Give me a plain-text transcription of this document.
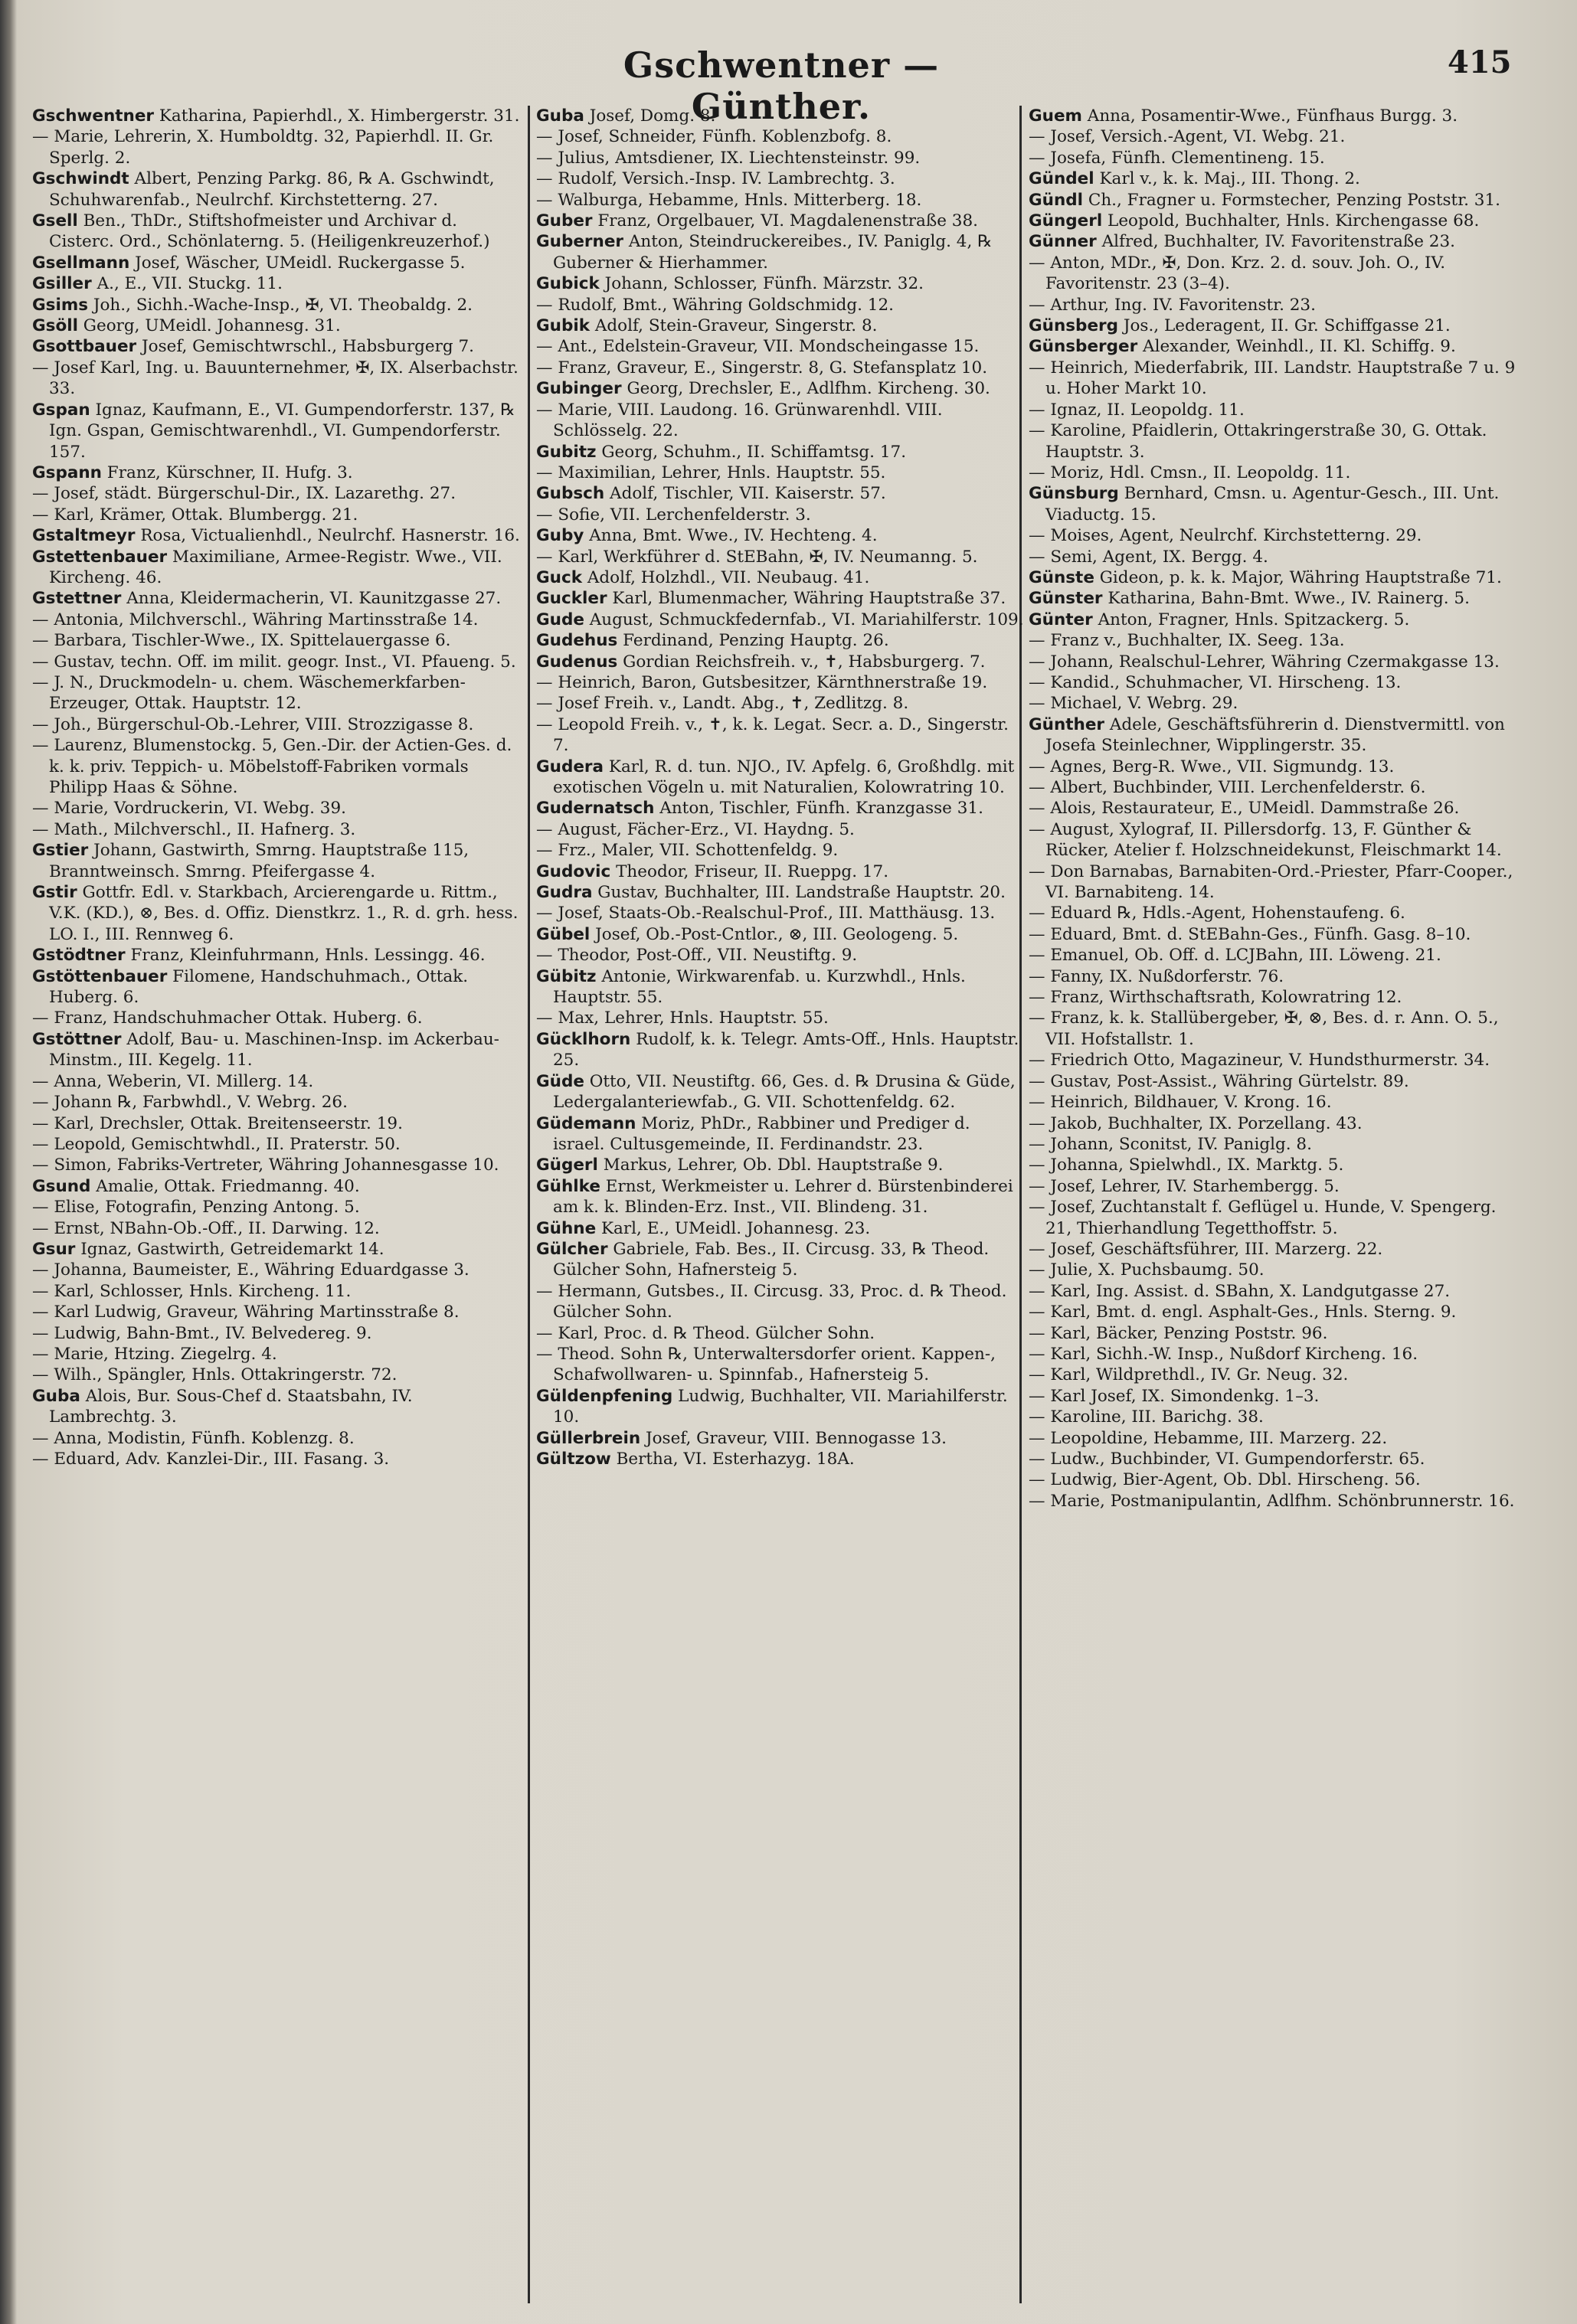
Gschwentner — Günther.
415
Gschwentner Katharina, Papierhdl., X. Himbergerstr. 31.
— Marie, Lehrerin, X. Humboldtg. 32, Papierhdl. II. Gr. Sperlg. 2.
Gschwindt Albert, Penzing Parkg. 86, ℞ A. Gschwindt, Schuhwarenfab., Neulrchf. Kirchstetterng. 27.
Gsell Ben., ThDr., Stiftshofmeister und Archivar d. Cisterc. Ord., Schönlaterng. 5. (Heiligenkreuzerhof.)
Gsellmann Josef, Wäscher, UMeidl. Ruckergasse 5.
Gsiller A., E., VII. Stuckg. 11.
Gsims Joh., Sichh.-Wache-Insp., ✠, VI. Theobaldg. 2.
Gsöll Georg, UMeidl. Johannesg. 31.
Gsottbauer Josef, Gemischtwrschl., Habsburgerg 7.
— Josef Karl, Ing. u. Bauunternehmer, ✠, IX. Alserbachstr. 33.
Gspan Ignaz, Kaufmann, E., VI. Gumpendorferstr. 137, ℞ Ign. Gspan, Gemischtwarenhdl., VI. Gumpendorferstr. 157.
Gspann Franz, Kürschner, II. Hufg. 3.
— Josef, städt. Bürgerschul-Dir., IX. Lazarethg. 27.
— Karl, Krämer, Ottak. Blumbergg. 21.
Gstaltmeyr Rosa, Victualienhdl., Neulrchf. Hasnerstr. 16.
Gstettenbauer Maximiliane, Armee-Registr. Wwe., VII. Kircheng. 46.
Gstettner Anna, Kleidermacherin, VI. Kaunitzgasse 27.
— Antonia, Milchverschl., Währing Martinsstraße 14.
— Barbara, Tischler-Wwe., IX. Spittelauergasse 6.
— Gustav, techn. Off. im milit. geogr. Inst., VI. Pfaueng. 5.
— J. N., Druckmodeln- u. chem. Wäschemerkfarben-Erzeuger, Ottak. Hauptstr. 12.
— Joh., Bürgerschul-Ob.-Lehrer, VIII. Strozzigasse 8.
— Laurenz, Blumenstockg. 5, Gen.-Dir. der Actien-Ges. d. k. k. priv. Teppich- u. Möbelstoff-Fabriken vormals Philipp Haas & Söhne.
— Marie, Vordruckerin, VI. Webg. 39.
— Math., Milchverschl., II. Hafnerg. 3.
Gstier Johann, Gastwirth, Smrng. Hauptstraße 115, Branntweinsch. Smrng. Pfeifergasse 4.
Gstir Gottfr. Edl. v. Starkbach, Arcierengarde u. Rittm., V.K. (KD.), ⊗, Bes. d. Offiz. Dienstkrz. 1., R. d. grh. hess. LO. I., III. Rennweg 6.
Gstödtner Franz, Kleinfuhrmann, Hnls. Lessingg. 46.
Gstöttenbauer Filomene, Handschuhmach., Ottak. Huberg. 6.
— Franz, Handschuhmacher Ottak. Huberg. 6.
Gstöttner Adolf, Bau- u. Maschinen-Insp. im Ackerbau-Minstm., III. Kegelg. 11.
— Anna, Weberin, VI. Millerg. 14.
— Johann ℞, Farbwhdl., V. Webrg. 26.
— Karl, Drechsler, Ottak. Breitenseerstr. 19.
— Leopold, Gemischtwhdl., II. Praterstr. 50.
— Simon, Fabriks-Vertreter, Währing Johannesgasse 10.
Gsund Amalie, Ottak. Friedmanng. 40.
— Elise, Fotografin, Penzing Antong. 5.
— Ernst, NBahn-Ob.-Off., II. Darwing. 12.
Gsur Ignaz, Gastwirth, Getreidemarkt 14.
— Johanna, Baumeister, E., Währing Eduardgasse 3.
— Karl, Schlosser, Hnls. Kircheng. 11.
— Karl Ludwig, Graveur, Währing Martinsstraße 8.
— Ludwig, Bahn-Bmt., IV. Belvedereg. 9.
— Marie, Htzing. Ziegelrg. 4.
— Wilh., Spängler, Hnls. Ottakringerstr. 72.
Guba Alois, Bur. Sous-Chef d. Staatsbahn, IV. Lambrechtg. 3.
— Anna, Modistin, Fünfh. Koblenzg. 8.
— Eduard, Adv. Kanzlei-Dir., III. Fasang. 3.
Guba Josef, Domg. 8.
— Josef, Schneider, Fünfh. Koblenzbofg. 8.
— Julius, Amtsdiener, IX. Liechtensteinstr. 99.
— Rudolf, Versich.-Insp. IV. Lambrechtg. 3.
— Walburga, Hebamme, Hnls. Mitterberg. 18.
Guber Franz, Orgelbauer, VI. Magdalenenstraße 38.
Guberner Anton, Steindruckereibes., IV. Paniglg. 4, ℞ Guberner & Hierhammer.
Gubick Johann, Schlosser, Fünfh. Märzstr. 32.
— Rudolf, Bmt., Währing Goldschmidg. 12.
Gubik Adolf, Stein-Graveur, Singerstr. 8.
— Ant., Edelstein-Graveur, VII. Mondscheingasse 15.
— Franz, Graveur, E., Singerstr. 8, G. Stefansplatz 10.
Gubinger Georg, Drechsler, E., Adlfhm. Kircheng. 30.
— Marie, VIII. Laudong. 16. Grünwarenhdl. VIII. Schlösselg. 22.
Gubitz Georg, Schuhm., II. Schiffamtsg. 17.
— Maximilian, Lehrer, Hnls. Hauptstr. 55.
Gubsch Adolf, Tischler, VII. Kaiserstr. 57.
— Sofie, VII. Lerchenfelderstr. 3.
Guby Anna, Bmt. Wwe., IV. Hechteng. 4.
— Karl, Werkführer d. StEBahn, ✠, IV. Neumanng. 5.
Guck Adolf, Holzhdl., VII. Neubaug. 41.
Guckler Karl, Blumenmacher, Währing Hauptstraße 37.
Gude August, Schmuckfedernfab., VI. Mariahilferstr. 109.
Gudehus Ferdinand, Penzing Hauptg. 26.
Gudenus Gordian Reichsfreih. v., ✝, Habsburgerg. 7.
— Heinrich, Baron, Gutsbesitzer, Kärnthnerstraße 19.
— Josef Freih. v., Landt. Abg., ✝, Zedlitzg. 8.
— Leopold Freih. v., ✝, k. k. Legat. Secr. a. D., Singerstr. 7.
Gudera Karl, R. d. tun. NJO., IV. Apfelg. 6, Großhdlg. mit exotischen Vögeln u. mit Naturalien, Kolowratring 10.
Gudernatsch Anton, Tischler, Fünfh. Kranzgasse 31.
— August, Fächer-Erz., VI. Haydng. 5.
— Frz., Maler, VII. Schottenfeldg. 9.
Gudovic Theodor, Friseur, II. Rueppg. 17.
Gudra Gustav, Buchhalter, III. Landstraße Hauptstr. 20.
— Josef, Staats-Ob.-Realschul-Prof., III. Matthäusg. 13.
Gübel Josef, Ob.-Post-Cntlor., ⊗, III. Geologeng. 5.
— Theodor, Post-Off., VII. Neustiftg. 9.
Gübitz Antonie, Wirkwarenfab. u. Kurzwhdl., Hnls. Hauptstr. 55.
— Max, Lehrer, Hnls. Hauptstr. 55.
Gücklhorn Rudolf, k. k. Telegr. Amts-Off., Hnls. Hauptstr. 25.
Güde Otto, VII. Neustiftg. 66, Ges. d. ℞ Drusina & Güde, Ledergalanteriewfab., G. VII. Schottenfeldg. 62.
Güdemann Moriz, PhDr., Rabbiner und Prediger d. israel. Cultusgemeinde, II. Ferdinandstr. 23.
Gügerl Markus, Lehrer, Ob. Dbl. Hauptstraße 9.
Gühlke Ernst, Werkmeister u. Lehrer d. Bürstenbinderei am k. k. Blinden-Erz. Inst., VII. Blindeng. 31.
Gühne Karl, E., UMeidl. Johannesg. 23.
Gülcher Gabriele, Fab. Bes., II. Circusg. 33, ℞ Theod. Gülcher Sohn, Hafnersteig 5.
— Hermann, Gutsbes., II. Circusg. 33, Proc. d. ℞ Theod. Gülcher Sohn.
— Karl, Proc. d. ℞ Theod. Gülcher Sohn.
— Theod. Sohn ℞, Unterwaltersdorfer orient. Kappen-, Schafwollwaren- u. Spinnfab., Hafnersteig 5.
Güldenpfening Ludwig, Buchhalter, VII. Mariahilferstr. 10.
Güllerbrein Josef, Graveur, VIII. Bennogasse 13.
Gültzow Bertha, VI. Esterhazyg. 18A.
Guem Anna, Posamentir-Wwe., Fünfhaus Burgg. 3.
— Josef, Versich.-Agent, VI. Webg. 21.
— Josefa, Fünfh. Clementineng. 15.
Gündel Karl v., k. k. Maj., III. Thong. 2.
Gündl Ch., Fragner u. Formstecher, Penzing Poststr. 31.
Güngerl Leopold, Buchhalter, Hnls. Kirchengasse 68.
Günner Alfred, Buchhalter, IV. Favoritenstraße 23.
— Anton, MDr., ✠, Don. Krz. 2. d. souv. Joh. O., IV. Favoritenstr. 23 (3–4).
— Arthur, Ing. IV. Favoritenstr. 23.
Günsberg Jos., Lederagent, II. Gr. Schiffgasse 21.
Günsberger Alexander, Weinhdl., II. Kl. Schiffg. 9.
— Heinrich, Miederfabrik, III. Landstr. Hauptstraße 7 u. 9 u. Hoher Markt 10.
— Ignaz, II. Leopoldg. 11.
— Karoline, Pfaidlerin, Ottakringerstraße 30, G. Ottak. Hauptstr. 3.
— Moriz, Hdl. Cmsn., II. Leopoldg. 11.
Günsburg Bernhard, Cmsn. u. Agentur-Gesch., III. Unt. Viaductg. 15.
— Moises, Agent, Neulrchf. Kirchstetterng. 29.
— Semi, Agent, IX. Bergg. 4.
Günste Gideon, p. k. k. Major, Währing Hauptstraße 71.
Günster Katharina, Bahn-Bmt. Wwe., IV. Rainerg. 5.
Günter Anton, Fragner, Hnls. Spitzackerg. 5.
— Franz v., Buchhalter, IX. Seeg. 13a.
— Johann, Realschul-Lehrer, Währing Czermakgasse 13.
— Kandid., Schuhmacher, VI. Hirscheng. 13.
— Michael, V. Webrg. 29.
Günther Adele, Geschäftsführerin d. Dienstvermittl. von Josefa Steinlechner, Wipplingerstr. 35.
— Agnes, Berg-R. Wwe., VII. Sigmundg. 13.
— Albert, Buchbinder, VIII. Lerchenfelderstr. 6.
— Alois, Restaurateur, E., UMeidl. Dammstraße 26.
— August, Xylograf, II. Pillersdorfg. 13, F. Günther & Rücker, Atelier f. Holzschneidekunst, Fleischmarkt 14.
— Don Barnabas, Barnabiten-Ord.-Priester, Pfarr-Cooper., VI. Barnabiteng. 14.
— Eduard ℞, Hdls.-Agent, Hohenstaufeng. 6.
— Eduard, Bmt. d. StEBahn-Ges., Fünfh. Gasg. 8–10.
— Emanuel, Ob. Off. d. LCJBahn, III. Löweng. 21.
— Fanny, IX. Nußdorferstr. 76.
— Franz, Wirthschaftsrath, Kolowratring 12.
— Franz, k. k. Stallübergeber, ✠, ⊗, Bes. d. r. Ann. O. 5., VII. Hofstallstr. 1.
— Friedrich Otto, Magazineur, V. Hundsthurmerstr. 34.
— Gustav, Post-Assist., Währing Gürtelstr. 89.
— Heinrich, Bildhauer, V. Krong. 16.
— Jakob, Buchhalter, IX. Porzellang. 43.
— Johann, Sconitst, IV. Paniglg. 8.
— Johanna, Spielwhdl., IX. Marktg. 5.
— Josef, Lehrer, IV. Starhembergg. 5.
— Josef, Zuchtanstalt f. Geflügel u. Hunde, V. Spengerg. 21, Thierhandlung Tegetthoffstr. 5.
— Josef, Geschäftsführer, III. Marzerg. 22.
— Julie, X. Puchsbaumg. 50.
— Karl, Ing. Assist. d. SBahn, X. Landgutgasse 27.
— Karl, Bmt. d. engl. Asphalt-Ges., Hnls. Sterng. 9.
— Karl, Bäcker, Penzing Poststr. 96.
— Karl, Sichh.-W. Insp., Nußdorf Kircheng. 16.
— Karl, Wildprethdl., IV. Gr. Neug. 32.
— Karl Josef, IX. Simondenkg. 1–3.
— Karoline, III. Barichg. 38.
— Leopoldine, Hebamme, III. Marzerg. 22.
— Ludw., Buchbinder, VI. Gumpendorferstr. 65.
— Ludwig, Bier-Agent, Ob. Dbl. Hirscheng. 56.
— Marie, Postmanipulantin, Adlfhm. Schönbrunnerstr. 16.
